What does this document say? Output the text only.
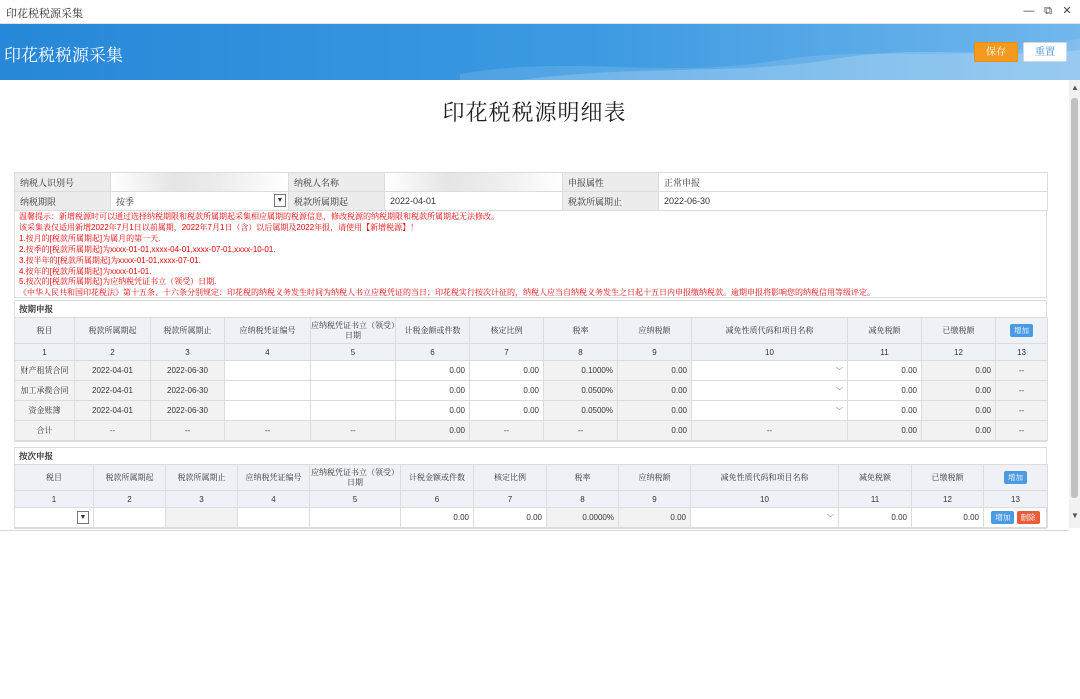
印花税税源采集	— ⧉ ✕
印花税税源采集	保存	重置
▲
▼
印花税税源明细表
纳税人识别号		纳税人名称		申报属性	正常申报
纳税期限	按季 ▼	税款所属期起	2022-04-01	税款所属期止	2022-06-30
温馨提示：新增税源时可以通过选择纳税期限和税款所属期起采集相应属期的税源信息，修改税源的纳税期限和税款所属期起无法修改。
该采集表仅适用新增2022年7月1日以前属期，2022年7月1日（含）以后属期及2022年报，请使用【新增税源】！
1.按月的[税款所属期起]为属月的第一天.
2.按季的[税款所属期起]为xxxx-01-01,xxxx-04-01,xxxx-07-01,xxxx-10-01.
3.按半年的[税款所属期起]为xxxx-01-01,xxxx-07-01.
4.按年的[税款所属期起]为xxxx-01-01.
5.按次的[税款所属期起]为应纳税凭证书立（领受）日期.
《中华人民共和国印花税法》第十五条、十六条分别规定：印花税的纳税义务发生时间为纳税人书立应税凭证的当日；印花税实行按次计征的，纳税人应当自纳税义务发生之日起十五日内申报缴纳税款。逾期申报将影响您的纳税信用等级评定。
按期申报
税目	税款所属期起	税款所属期止	应纳税凭证编号	应纳税凭证书立（领受）日期	计税金额或件数	核定比例	税率	应纳税额	减免性质代码和项目名称	减免税额	已缴税额	增加
1	2	3	4	5	6	7	8	9	10	11	12	13
财产租赁合同	2022-04-01	2022-06-30			0.00	0.00	0.1000%	0.00	﹀	0.00	0.00	--
加工承揽合同	2022-04-01	2022-06-30			0.00	0.00	0.0500%	0.00	﹀	0.00	0.00	--
资金账簿	2022-04-01	2022-06-30			0.00	0.00	0.0500%	0.00	﹀	0.00	0.00	--
合计	--	--	--	--	0.00	--	--	0.00	--	0.00	0.00	--
按次申报
税目	税款所属期起	税款所属期止	应纳税凭证编号	应纳税凭证书立（领受）日期	计税金额或件数	核定比例	税率	应纳税额	减免性质代码和项目名称	减免税额	已缴税额	增加
1	2	3	4	5	6	7	8	9	10	11	12	13

▼					0.00	0.00	0.0000%	0.00	﹀	0.00	0.00	增加 删除
